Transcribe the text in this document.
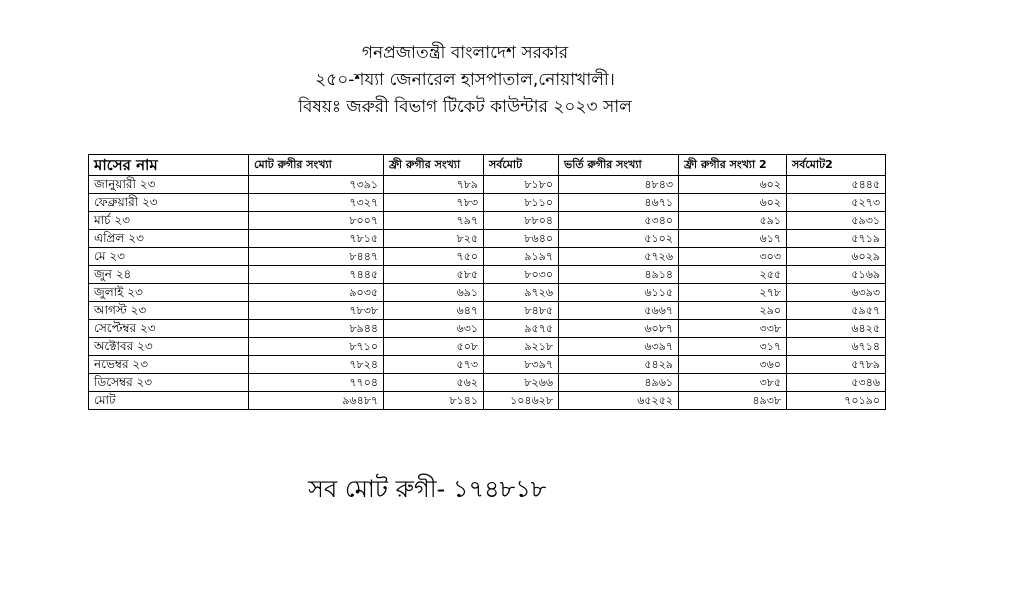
গনপ্রজাতন্ত্রী বাংলাদেশ সরকার
২৫০-শয্যা জেনারেল হাসপাতাল,নোয়াখালী।
বিষয়ঃ জরুরী বিভাগ টিকেট কাউন্টার ২০২৩ সাল
মাসের নাম	মোট রুগীর সংখ্যা	ফ্রী রুগীর সংখ্যা	সর্বমোট	ভর্তি রুগীর সংখ্যা	ফ্রী রুগীর সংখ্যা 2	সর্বমোট2
জানুয়ারী ২৩	৭৩৯১	৭৮৯	৮১৮০	৪৮৪৩	৬০২	৫৪৪৫
ফেব্রুয়ারী ২৩	৭৩২৭	৭৮৩	৮১১০	৪৬৭১	৬০২	৫২৭৩
মার্চ ২৩	৮০০৭	৭৯৭	৮৮০৪	৫৩৪০	৫৯১	৫৯৩১
এপ্রিল ২৩	৭৮১৫	৮২৫	৮৬৪০	৫১০২	৬১৭	৫৭১৯
মে ২৩	৮৪৪৭	৭৫০	৯১৯৭	৫৭২৬	৩০৩	৬০২৯
জুন ২৪	৭৪৪৫	৫৮৫	৮০৩০	৪৯১৪	২৫৫	৫১৬৯
জুলাই ২৩	৯০৩৫	৬৯১	৯৭২৬	৬১১৫	২৭৮	৬৩৯৩
আগস্ট ২৩	৭৮৩৮	৬৪৭	৮৪৮৫	৫৬৬৭	২৯০	৫৯৫৭
সেপ্টেম্বর ২৩	৮৯৪৪	৬৩১	৯৫৭৫	৬০৮৭	৩৩৮	৬৪২৫
অক্টোবর ২৩	৮৭১০	৫০৮	৯২১৮	৬৩৯৭	৩১৭	৬৭১৪
নভেম্বর ২৩	৭৮২৪	৫৭৩	৮৩৯৭	৫৪২৯	৩৬০	৫৭৮৯
ডিসেম্বর ২৩	৭৭০৪	৫৬২	৮২৬৬	৪৯৬১	৩৮৫	৫৩৪৬
মোট	৯৬৪৮৭	৮১৪১	১০৪৬২৮	৬৫২৫২	৪৯৩৮	৭০১৯০
সব মোট রুগী- ১৭৪৮১৮
